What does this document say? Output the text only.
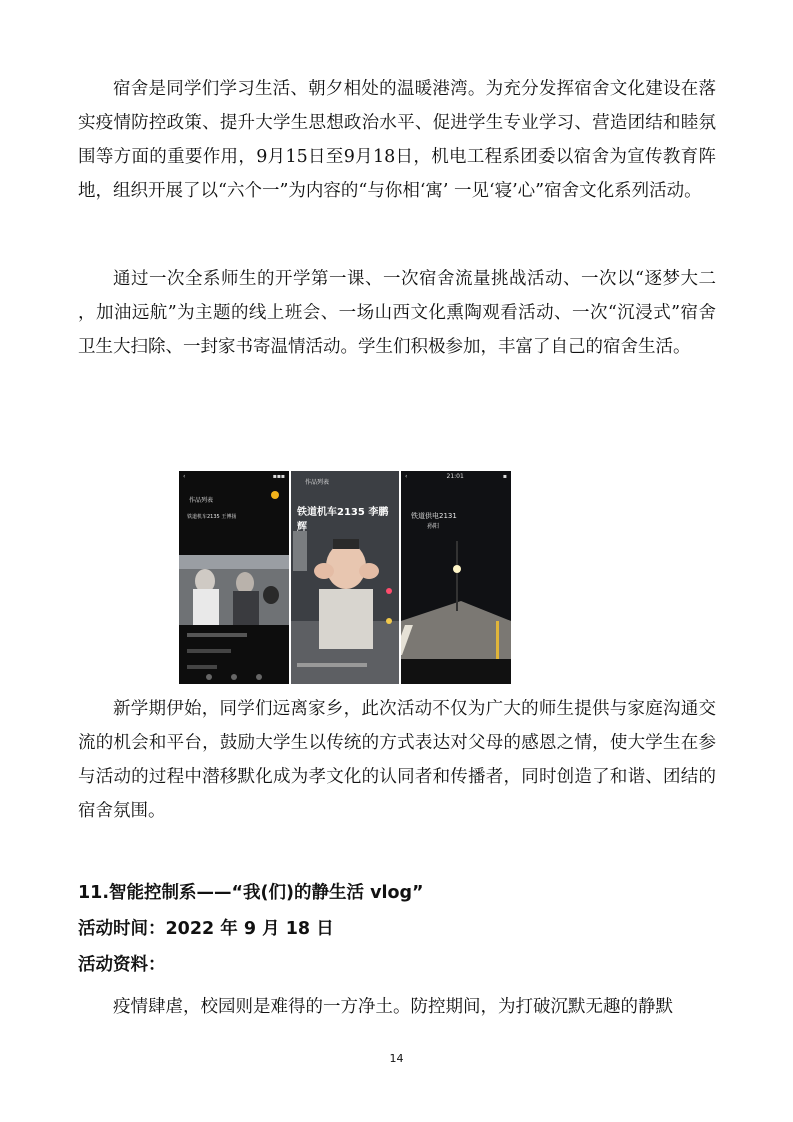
宿舍是同学们学习生活、朝夕相处的温暖港湾。为充分发挥宿舍文化建设在落实疫情防控政策、提升大学生思想政治水平、促进学生专业学习、营造团结和睦氛围等方面的重要作用，9月15日至9月18日，机电工程系团委以宿舍为宣传教育阵地，组织开展了以“六个一”为内容的“与你相‘寓’ 一见‘寝’心”宿舍文化系列活动。

通过一次全系师生的开学第一课、一次宿舍流量挑战活动、一次以“逐梦大二 ，加油远航”为主题的线上班会、一场山西文化熏陶观看活动、一次“沉浸式”宿舍卫生大扫除、一封家书寄温情活动。学生们积极参加，丰富了自己的宿舍生活。

‹	▪▪▪
作品列表
铁道机车2135 王博扬
作品列表
铁道机车2135 李鹏辉
‹	21:01	▪
铁道供电2131
孙阳

新学期伊始，同学们远离家乡，此次活动不仅为广大的师生提供与家庭沟通交流的机会和平台，鼓励大学生以传统的方式表达对父母的感恩之情，使大学生在参与活动的过程中潜移默化成为孝文化的认同者和传播者，同时创造了和谐、团结的宿舍氛围。

11.智能控制系——“我(们)的静生活 vlog”

活动时间：2022 年 9 月 18 日

活动资料：

疫情肆虐，校园则是难得的一方净土。防控期间，为打破沉默无趣的静默

14
